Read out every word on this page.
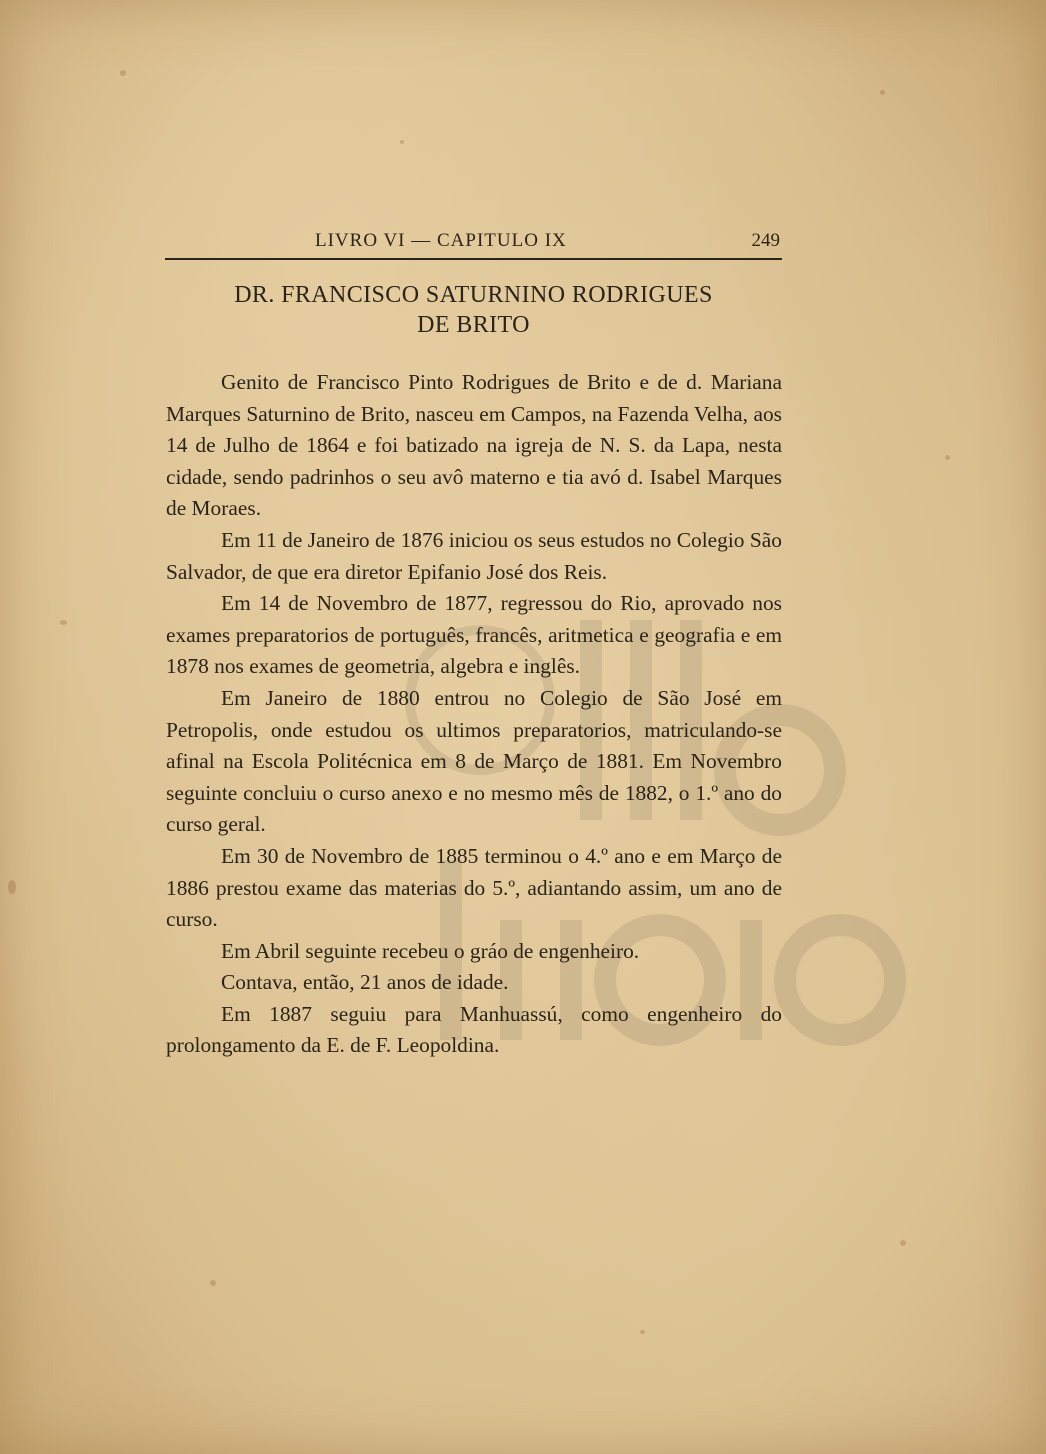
LIVRO VI — CAPITULO IX	249
DR. FRANCISCO SATURNINO RODRIGUES
DE BRITO

Genito de Francisco Pinto Rodrigues de Brito e de d. Mariana Marques Saturnino de Brito, nasceu em Campos, na Fazenda Velha, aos 14 de Julho de 1864 e foi batizado na igreja de N. S. da Lapa, nesta cidade, sendo padrinhos o seu avô materno e tia avó d. Isabel Marques de Moraes.

Em 11 de Janeiro de 1876 iniciou os seus estudos no Colegio São Salvador, de que era diretor Epifanio José dos Reis.

Em 14 de Novembro de 1877, regressou do Rio, aprovado nos exames preparatorios de português, francês, aritmetica e geografia e em 1878 nos exames de geometria, algebra e inglês.

Em Janeiro de 1880 entrou no Colegio de São José em Petropolis, onde estudou os ultimos preparatorios, matriculando-se afinal na Escola Politécnica em 8 de Março de 1881. Em Novembro seguinte concluiu o curso anexo e no mesmo mês de 1882, o 1.º ano do curso geral.

Em 30 de Novembro de 1885 terminou o 4.º ano e em Março de 1886 prestou exame das materias do 5.º, adiantando assim, um ano de curso.

Em Abril seguinte recebeu o gráo de engenheiro.

Contava, então, 21 anos de idade.

Em 1887 seguiu para Manhuassú, como engenheiro do prolongamento da E. de F. Leopoldina.
